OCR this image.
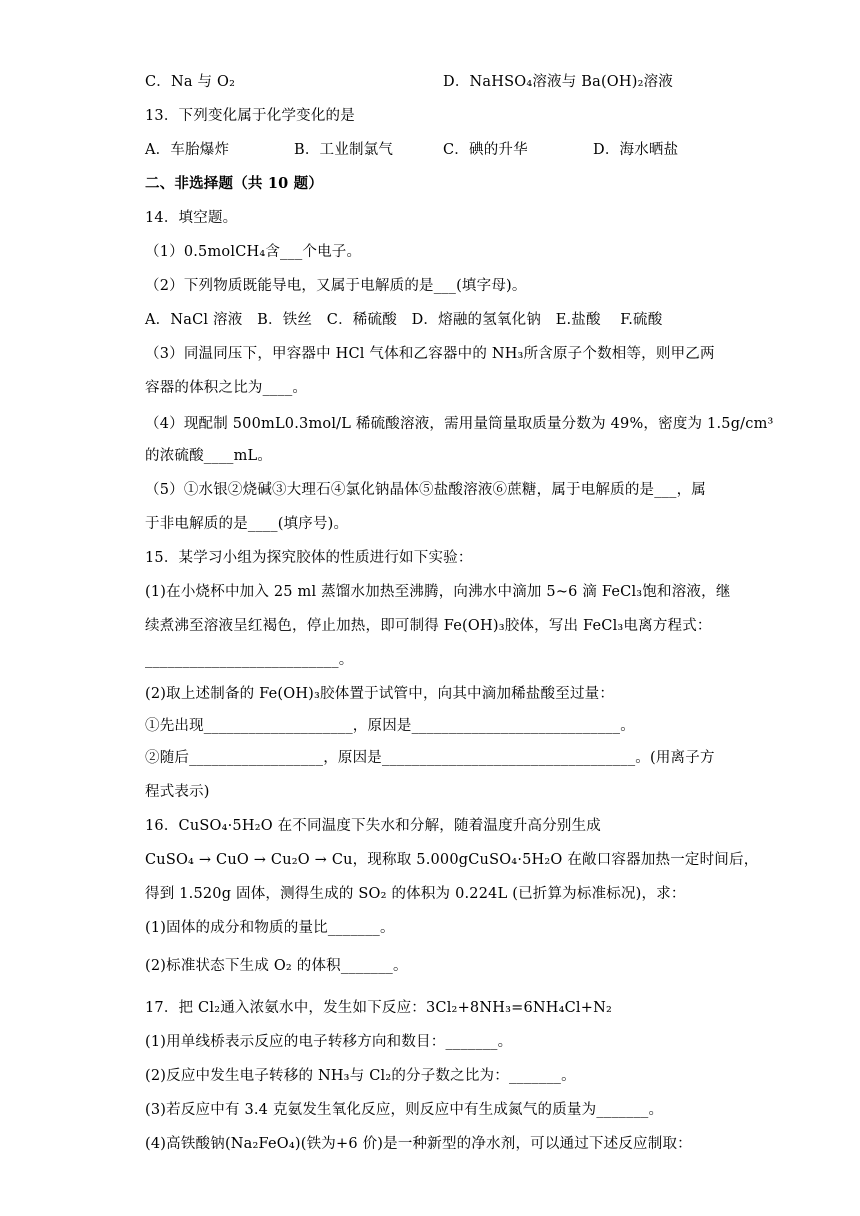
C．Na 与 O₂	D．NaHSO₄溶液与 Ba(OH)₂溶液
13．下列变化属于化学变化的是
A．车胎爆炸	B．工业制氯气	C．碘的升华	D．海水晒盐
二、非选择题（共 10 题）
14．填空题。
（1）0.5molCH₄含___个电子。
（2）下列物质既能导电，又属于电解质的是___(填字母)。
A．NaCl 溶液　B．铁丝　C．稀硫酸　D．熔融的氢氧化钠　E.盐酸　 F.硫酸
（3）同温同压下，甲容器中 HCl 气体和乙容器中的 NH₃所含原子个数相等，则甲乙两
容器的体积之比为____。
（4）现配制 500mL0.3mol/L 稀硫酸溶液，需用量筒量取质量分数为 49%，密度为 1.5g/cm³
的浓硫酸____mL。
（5）①水银②烧碱③大理石④氯化钠晶体⑤盐酸溶液⑥蔗糖，属于电解质的是___，属
于非电解质的是____(填序号)。
15．某学习小组为探究胶体的性质进行如下实验：
(1)在小烧杯中加入 25 ml 蒸馏水加热至沸腾，向沸水中滴加 5~6 滴 FeCl₃饱和溶液，继
续煮沸至溶液呈红褐色，停止加热，即可制得 Fe(OH)₃胶体，写出 FeCl₃电离方程式：
__________________________。
(2)取上述制备的 Fe(OH)₃胶体置于试管中，向其中滴加稀盐酸至过量：
①先出现____________________，原因是____________________________。
②随后__________________，原因是__________________________________。(用离子方
程式表示)
16．CuSO₄·5H₂O 在不同温度下失水和分解，随着温度升高分别生成
CuSO₄ → CuO → Cu₂O → Cu，现称取 5.000gCuSO₄·5H₂O 在敞口容器加热一定时间后，
得到 1.520g 固体，测得生成的 SO₂ 的体积为 0.224L (已折算为标准标况)，求：
(1)固体的成分和物质的量比_______。
(2)标准状态下生成 O₂ 的体积_______。
17．把 Cl₂通入浓氨水中，发生如下反应：3Cl₂+8NH₃=6NH₄Cl+N₂
(1)用单线桥表示反应的电子转移方向和数目：_______。
(2)反应中发生电子转移的 NH₃与 Cl₂的分子数之比为：_______。
(3)若反应中有 3.4 克氨发生氧化反应，则反应中有生成氮气的质量为_______。
(4)高铁酸钠(Na₂FeO₄)(铁为+6 价)是一种新型的净水剂，可以通过下述反应制取：
